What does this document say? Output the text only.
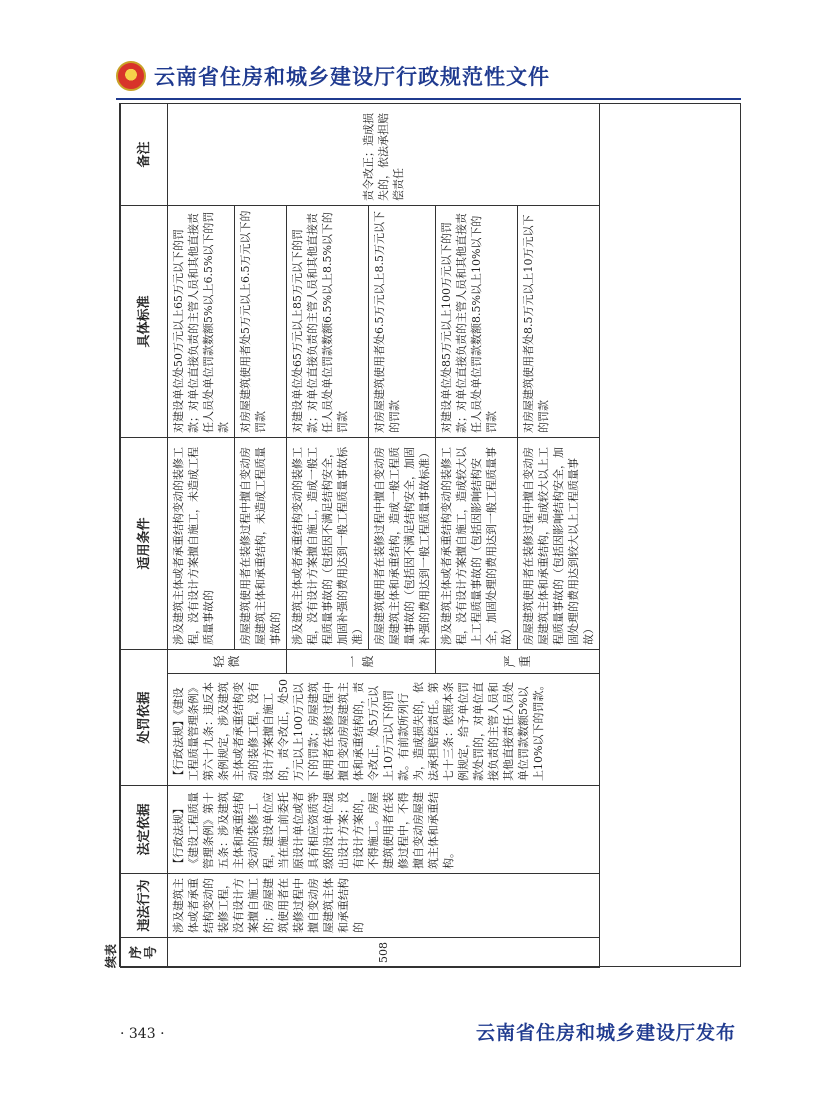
云南省住房和城乡建设厅行政规范性文件
续表 序号	违法行为	法定依据	处罚依据		适用条件	具体标准	备注
508	涉及建筑主体或者承重结构变动的装修工程，没有设计方案擅自施工的；房屋建筑使用者在装修过程中擅自变动房屋建筑主体和承重结构的	【行政法规】《建设工程质量管理条例》第十五条：涉及建筑主体和承重结构变动的装修工程，建设单位应当在施工前委托原设计单位或者具有相应资质等级的设计单位提出设计方案；没有设计方案的，不得施工。房屋建筑使用者在装修过程中，不得擅自变动房屋建筑主体和承重结构。	【行政法规】《建设工程质量管理条例》第六十九条：违反本条例规定，涉及建筑主体或者承重结构变动的装修工程，没有设计方案擅自施工的，责令改正，处50万元以上100万元以下的罚款；房屋建筑使用者在装修过程中擅自变动房屋建筑主体和承重结构的，责令改正，处5万元以上10万元以下的罚款。有前款所列行为，造成损失的，依法承担赔偿责任。第七十三条：依照本条例规定，给予单位罚款处罚的，对单位直接负责的主管人员和其他直接责任人员处单位罚款数额5%以上10%以下的罚款。	轻微	涉及建筑主体或者承重结构变动的装修工程，没有设计方案擅自施工，未造成工程质量事故的	对建设单位处50万元以上65万元以下的罚款；对单位直接负责的主管人员和其他直接责任人员处单位罚款数额5%以上6.5%以下的罚款	责令改正；造成损失的，依法承担赔偿责任
					房屋建筑使用者在装修过程中擅自变动房屋建筑主体和承重结构，未造成工程质量事故的	对房屋建筑使用者处5万元以上6.5万元以下的罚款	
				一般	涉及建筑主体或者承重结构变动的装修工程，没有设计方案擅自施工，造成一般工程质量事故的（包括因不满足结构安全，加固补强的费用达到一般工程质量事故标准）	对建设单位处65万元以上85万元以下的罚款；对单位直接负责的主管人员和其他直接责任人员处单位罚款数额6.5%以上8.5%以下的罚款	
					房屋建筑使用者在装修过程中擅自变动房屋建筑主体和承重结构，造成一般工程质量事故的（包括因不满足结构安全，加固补强的费用达到一般工程质量事故标准）	对房屋建筑使用者处6.5万元以上8.5万元以下的罚款	
				严重	涉及建筑主体或者承重结构变动的装修工程，没有设计方案擅自施工，造成较大以上工程质量事故的（包括因影响结构安全，加固处理的费用达到一般工程质量事故）	对建设单位处85万元以上100万元以下的罚款；对单位直接负责的主管人员和其他直接责任人员处单位罚款数额8.5%以上10%以下的罚款	
					房屋建筑使用者在装修过程中擅自变动房屋建筑主体和承重结构，造成较大以上工程质量事故的（包括因影响结构安全，加固处理的费用达到较大以上工程质量事故）	对房屋建筑使用者处8.5万元以上10万元以下的罚款	
· 343 ·	云南省住房和城乡建设厅发布
